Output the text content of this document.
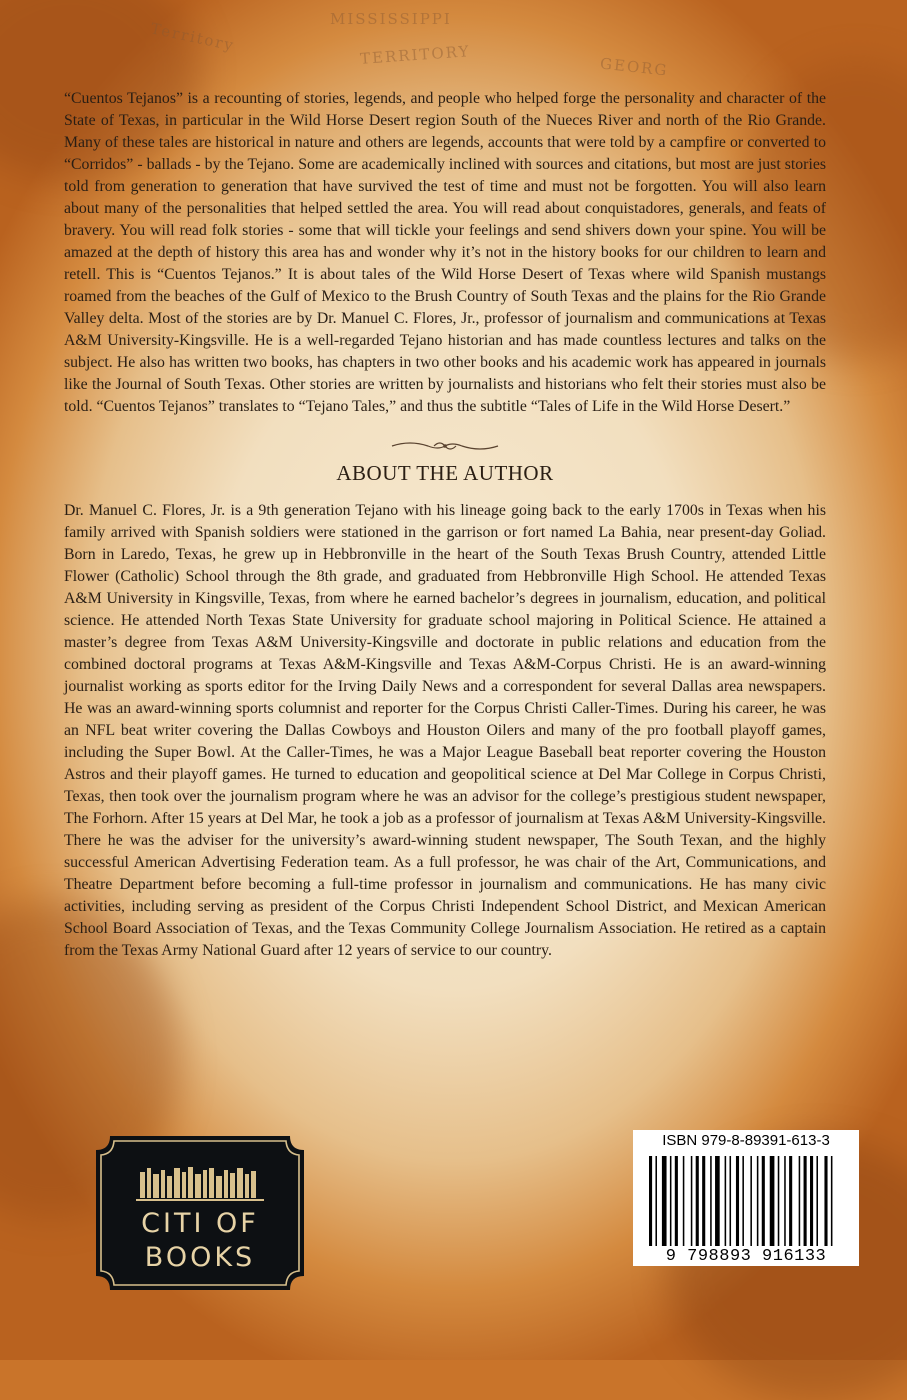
Territory
MISSISSIPPI
TERRITORY	GEORG

“Cuentos Tejanos” is a recounting of stories, legends, and people who helped forge the personality and character of the State of Texas, in particular in the Wild Horse Desert region South of the Nueces River and north of the Rio Grande. Many of these tales are historical in nature and others are legends, accounts that were told by a campfire or converted to “Corridos” - ballads - by the Tejano. Some are academically inclined with sources and citations, but most are just stories told from generation to generation that have survived the test of time and must not be forgotten. You will also learn about many of the personalities that helped settled the area. You will read about conquistadores, generals, and feats of bravery. You will read folk stories - some that will tickle your feelings and send shivers down your spine. You will be amazed at the depth of history this area has and wonder why it’s not in the history books for our children to learn and retell. This is “Cuentos Tejanos.” It is about tales of the Wild Horse Desert of Texas where wild Spanish mustangs roamed from the beaches of the Gulf of Mexico to the Brush Country of South Texas and the plains for the Rio Grande Valley delta. Most of the stories are by Dr. Manuel C. Flores, Jr., professor of journalism and communications at Texas A&M University-Kingsville. He is a well-regarded Tejano historian and has made countless lectures and talks on the subject. He also has written two books, has chapters in two other books and his academic work has appeared in journals like the Journal of South Texas. Other stories are written by journalists and historians who felt their stories must also be told. “Cuentos Tejanos” translates to “Tejano Tales,” and thus the subtitle “Tales of Life in the Wild Horse Desert.”

ABOUT THE AUTHOR

Dr. Manuel C. Flores, Jr. is a 9th generation Tejano with his lineage going back to the early 1700s in Texas when his family arrived with Spanish soldiers were stationed in the garrison or fort named La Bahia, near present-day Goliad. Born in Laredo, Texas, he grew up in Hebbronville in the heart of the South Texas Brush Country, attended Little Flower (Catholic) School through the 8th grade, and graduated from Hebbronville High School. He attended Texas A&M University in Kingsville, Texas, from where he earned bachelor’s degrees in journalism, education, and political science. He attended North Texas State University for graduate school majoring in Political Science. He attained a master’s degree from Texas A&M University-Kingsville and doctorate in public relations and education from the combined doctoral programs at Texas A&M-Kingsville and Texas A&M-Corpus Christi. He is an award-winning journalist working as sports editor for the Irving Daily News and a correspondent for several Dallas area newspapers. He was an award-winning sports columnist and reporter for the Corpus Christi Caller-Times. During his career, he was an NFL beat writer covering the Dallas Cowboys and Houston Oilers and many of the pro football playoff games, including the Super Bowl. At the Caller-Times, he was a Major League Baseball beat reporter covering the Houston Astros and their playoff games. He turned to education and geopolitical science at Del Mar College in Corpus Christi, Texas, then took over the journalism program where he was an advisor for the college’s prestigious student newspaper, The Forhorn. After 15 years at Del Mar, he took a job as a professor of journalism at Texas A&M University-Kingsville. There he was the adviser for the university’s award-winning student newspaper, The South Texan, and the highly successful American Advertising Federation team. As a full professor, he was chair of the Art, Communications, and Theatre Department before becoming a full-time professor in journalism and communications. He has many civic activities, including serving as president of the Corpus Christi Independent School District, and Mexican American School Board Association of Texas, and the Texas Community College Journalism Association. He retired as a captain from the Texas Army National Guard after 12 years of service to our country.

CITI OF
BOOKS
ISBN 979-8-89391-613-3
9 798893 916133
